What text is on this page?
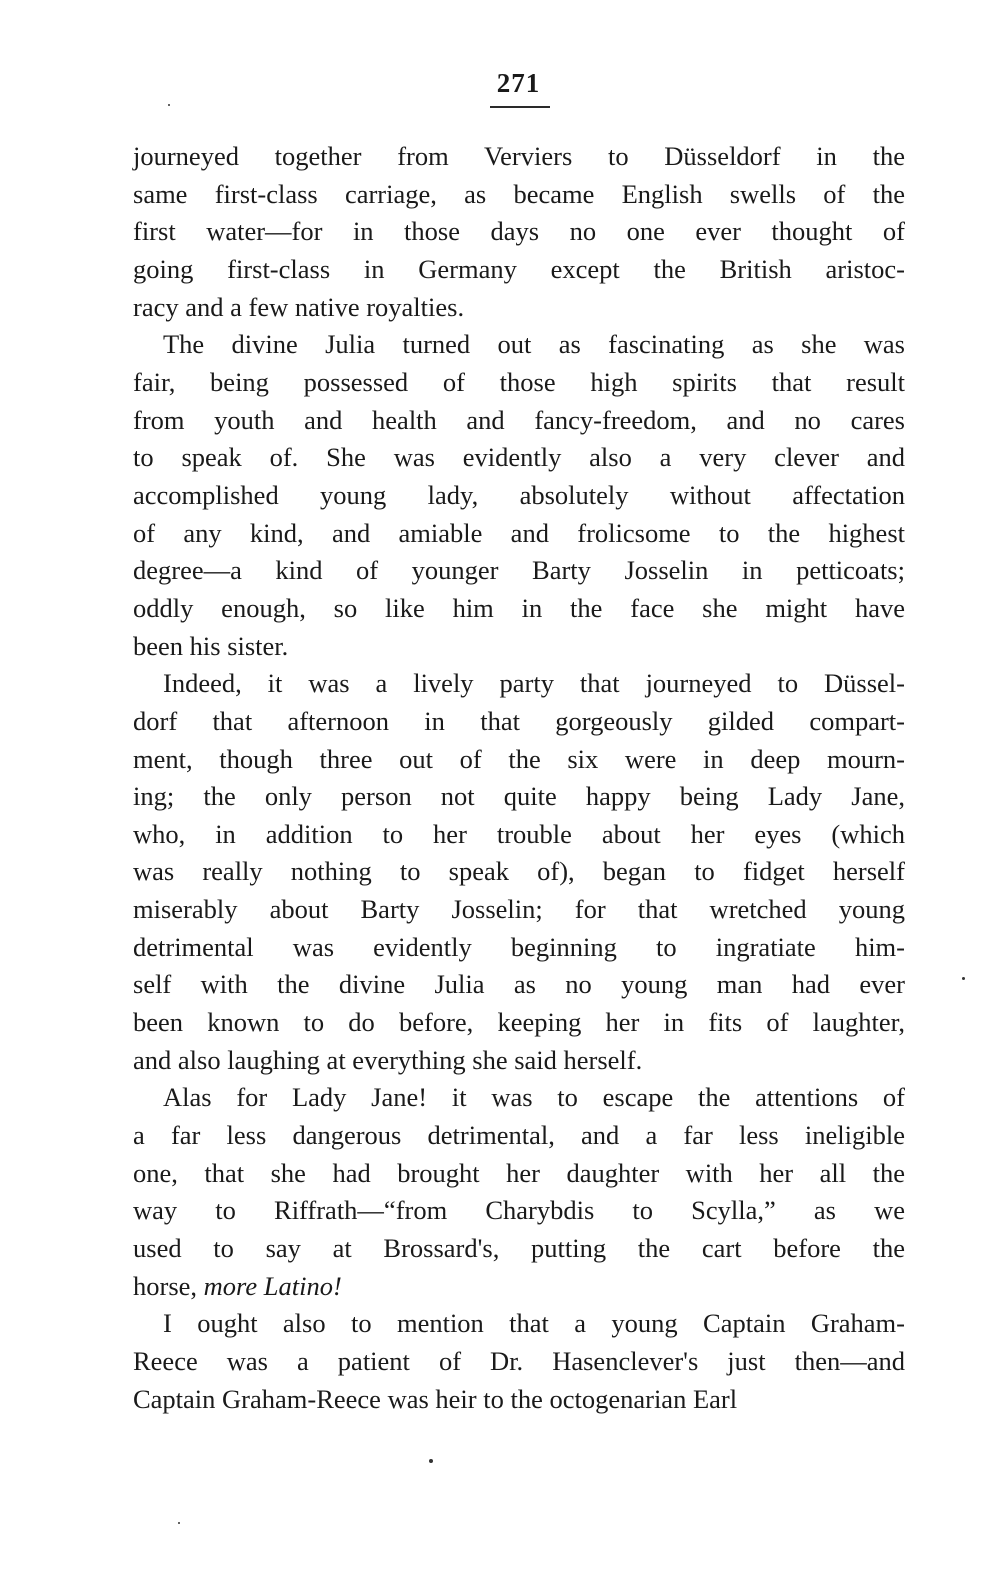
271

journeyed together from Verviers to Düsseldorf in the
same first-class carriage, as became English swells of the
first water—for in those days no one ever thought of
going first-class in Germany except the British aristoc-
racy and a few native royalties.

The divine Julia turned out as fascinating as she was
fair, being possessed of those high spirits that result
from youth and health and fancy-freedom, and no cares
to speak of. She was evidently also a very clever and
accomplished young lady, absolutely without affectation
of any kind, and amiable and frolicsome to the highest
degree—a kind of younger Barty Josselin in petticoats;
oddly enough, so like him in the face she might have
been his sister.

Indeed, it was a lively party that journeyed to Düssel-
dorf that afternoon in that gorgeously gilded compart-
ment, though three out of the six were in deep mourn-
ing; the only person not quite happy being Lady Jane,
who, in addition to her trouble about her eyes (which
was really nothing to speak of), began to fidget herself
miserably about Barty Josselin; for that wretched young
detrimental was evidently beginning to ingratiate him-
self with the divine Julia as no young man had ever
been known to do before, keeping her in fits of laughter,
and also laughing at everything she said herself.

Alas for Lady Jane! it was to escape the attentions of
a far less dangerous detrimental, and a far less ineligible
one, that she had brought her daughter with her all the
way to Riffrath—“from Charybdis to Scylla,” as we
used to say at Brossard's, putting the cart before the
horse, more Latino!

I ought also to mention that a young Captain Graham-
Reece was a patient of Dr. Hasenclever's just then—and
Captain Graham-Reece was heir to the octogenarian Earl
